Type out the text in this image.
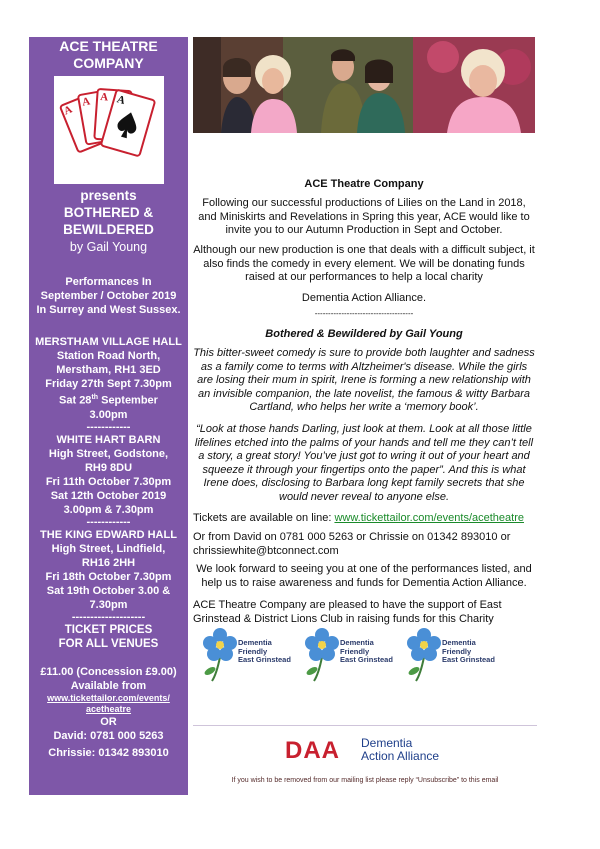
ACE THEATRE
COMPANY
A
A A A
presents
BOTHERED &
BEWILDERED
by Gail Young
Performances In
September / October 2019
In Surrey and West Sussex.
MERSTHAM VILLAGE HALL
Station Road North,
Merstham, RH1 3ED
Friday 27th Sept 7.30pm
Sat 28th September
3.00pm
------------
WHITE HART BARN
High Street, Godstone,
RH9 8DU
Fri 11th October 7.30pm
Sat 12th October 2019
3.00pm & 7.30pm
------------
THE KING EDWARD HALL
High Street, Lindfield,
RH16 2HH
Fri 18th October 7.30pm
Sat 19th October 3.00 &
7.30pm
--------------------
TICKET PRICES
FOR ALL VENUES
£11.00 (Concession £9.00)
Available from
www.tickettailor.com/events/
acetheatre
OR
David: 0781 000 5263
Chrissie: 01342 893010
ACE Theatre Company
Following our successful productions of Lilies on the Land in 2018, and Miniskirts and Revelations in Spring this year, ACE would like to invite you to our Autumn Production in Sept and October.
Although our new production is one that deals with a difficult subject, it also finds the comedy in every element. We will be donating funds raised at our performances to help a local charity
Dementia Action Alliance.
-------------------------------------
Bothered & Bewildered by Gail Young
This bitter-sweet comedy is sure to provide both laughter and sadness as a family come to terms with Altzheimer's disease. While the girls are losing their mum in spirit, Irene is forming a new relationship with an invisible companion, the late novelist, the famous & witty Barbara Cartland, who helps her write a ‘memory book’.
“Look at those hands Darling, just look at them. Look at all those little lifelines etched into the palms of your hands and tell me they can’t tell a story, a great story! You’ve just got to wring it out of your heart and squeeze it through your fingertips onto the paper”. And this is what Irene does, disclosing to Barbara long kept family secrets that she would never reveal to anyone else.
Tickets are available on line: www.tickettailor.com/events/acetheatre
Or from David on 0781 000 5263 or Chrissie on 01342 893010 or
chrissiewhite@btconnect.com
We look forward to seeing you at one of the performances listed, and help us to raise awareness and funds for Dementia Action Alliance.
ACE Theatre Company are pleased to have the support of East Grinstead & District Lions Club in raising funds for this Charity
Dementia
Friendly
East Grinstead
Dementia
Friendly
East Grinstead
Dementia
Friendly
East Grinstead
DAA Dementia
Action Alliance
If you wish to be removed from our mailing list please reply “Unsubscribe” to this email
